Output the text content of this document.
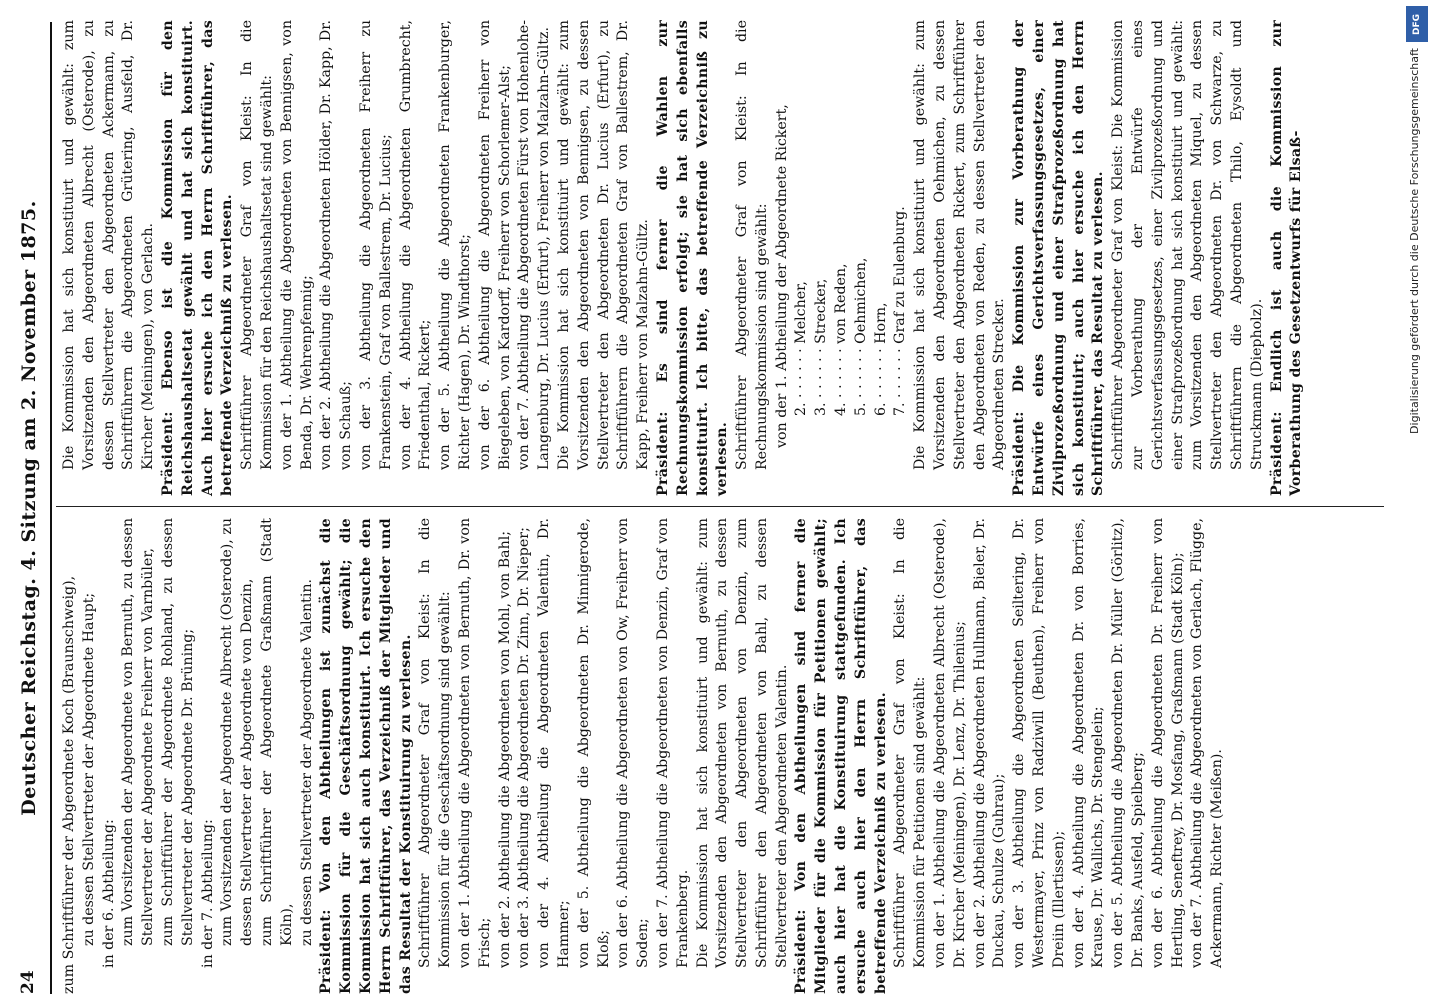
24
Deutscher Reichstag. 4. Sitzung am 2. November 1875. zum Schriftführer der Abgeordnete Koch (Braunschweig), zu dessen Stellvertreter der Abgeordnete Haupt; in der 6. Abtheilung: zum Vorsitzenden der Abgeordnete von Bernuth, zu dessen Stellvertreter der Abgeordnete Freiherr von Varnbüler, zum Schriftführer der Abgeordnete Rohland, zu dessen Stellvertreter der Abgeordnete Dr. Brüning; in der 7. Abtheilung: zum Vorsitzenden der Abgeordnete Albrecht (Osterode), zu dessen Stellvertreter der Abgeordnete von Denzin, zum Schriftführer der Abgeordnete Graßmann (Stadt Köln), zu dessen Stellvertreter der Abgeordnete Valentin. Präsident: Von den Abtheilungen ist zunächst die Kommission für die Geschäftsordnung gewählt; die Kommission hat sich auch konstituirt. Ich ersuche den Herrn Schriftführer, das Verzeichniß der Mitglieder und das Resultat der Konstituirung zu verlesen. Schriftführer Abgeordneter Graf von Kleist: In die Kommission für die Geschäftsordnung sind gewählt: von der 1. Abtheilung die Abgeordneten von Bernuth, Dr. von Frisch; von der 2. Abtheilung die Abgeordneten von Mohl, von Bahl; von der 3. Abtheilung die Abgeordneten Dr. Zinn, Dr. Nieper; von der 4. Abtheilung die Abgeordneten Valentin, Dr. Hammer; von der 5. Abtheilung die Abgeordneten Dr. Minnigerode, Kloß; von der 6. Abtheilung die Abgeordneten von Ow, Freiherr von Soden; von der 7. Abtheilung die Abgeordneten von Denzin, Graf von Frankenberg. Die Kommission hat sich konstituirt und gewählt: zum Vorsitzenden den Abgeordneten von Bernuth, zu dessen Stellvertreter den Abgeordneten von Denzin, zum Schriftführer den Abgeordneten von Bahl, zu dessen Stellvertreter den Abgeordneten Valentin. Präsident: Von den Abtheilungen sind ferner die Mitglieder für die Kommission für Petitionen gewählt; auch hier hat die Konstituirung stattgefunden. Ich ersuche auch hier den Herrn Schriftführer, das betreffende Verzeichniß zu verlesen. Schriftführer Abgeordneter Graf von Kleist: In die Kommission für Petitionen sind gewählt: von der 1. Abtheilung die Abgeordneten Albrecht (Osterode), Dr. Kircher (Meiningen), Dr. Lenz, Dr. Thilenius; von der 2. Abtheilung die Abgeordneten Hullmann, Bieler, Dr. Duckau, Schulze (Guhrau); von der 3. Abtheilung die Abgeordneten Seiltering, Dr. Westermayer, Prinz von Radziwill (Beuthen), Freiherr von Dreiin (Illertissen); von der 4. Abtheilung die Abgeordneten Dr. von Borries, Krause, Dr. Wallichs, Dr. Stengelein; von der 5. Abtheilung die Abgeordneten Dr. Müller (Görlitz), Dr. Banks, Ausfeld, Spielberg; von der 6. Abtheilung die Abgeordneten Dr. Freiherr von Hertling, Seneftrey, Dr. Mosfang, Graßmann (Stadt Köln); von der 7. Abtheilung die Abgeordneten von Gerlach, Flügge, Ackermann, Richter (Meißen).

Die Kommission hat sich konstituirt und gewählt: zum Vorsitzenden den Abgeordneten Albrecht (Osterode), zu dessen Stellvertreter den Abgeordneten Ackermann, zu Schriftführern die Abgeordneten Grütering, Ausfeld, Dr. Kircher (Meiningen), von Gerlach. Präsident: Ebenso ist die Kommission für den Reichshaushaltsetat gewählt und hat sich konstituirt. Auch hier ersuche ich den Herrn Schriftführer, das betreffende Verzeichniß zu verlesen. Schriftführer Abgeordneter Graf von Kleist: In die Kommission für den Reichshaushaltsetat sind gewählt: von der 1. Abtheilung die Abgeordneten von Bennigsen, von Benda, Dr. Wehrenpfennig; von der 2. Abtheilung die Abgeordneten Hölder, Dr. Kapp, Dr. von Schauß; von der 3. Abtheilung die Abgeordneten Freiherr zu Frankenstein, Graf von Ballestrem, Dr. Lucius; von der 4. Abtheilung die Abgeordneten Grumbrecht, Friedenthal, Rickert; von der 5. Abtheilung die Abgeordneten Frankenburger, Richter (Hagen), Dr. Windthorst; von der 6. Abtheilung die Abgeordneten Freiherr von Biegeleben, von Kardorff, Freiherr von Schorlemer-Alst; von der 7. Abtheilung die Abgeordneten Fürst von Hohenlohe-Langenburg, Dr. Lucius (Erfurt), Freiherr von Malzahn-Gültz. Die Kommission hat sich konstituirt und gewählt: zum Vorsitzenden den Abgeordneten von Bennigsen, zu dessen Stellvertreter den Abgeordneten Dr. Lucius (Erfurt), zu Schriftführern die Abgeordneten Graf von Ballestrem, Dr. Kapp, Freiherr von Malzahn-Gültz. Präsident: Es sind ferner die Wahlen zur Rechnungskommission erfolgt; sie hat sich ebenfalls konstituirt. Ich bitte, das betreffende Verzeichniß zu verlesen. Schriftführer Abgeordneter Graf von Kleist: In die Rechnungskommission sind gewählt: von der 1. Abtheilung der Abgeordnete Rickert, 2. · · · · · · Melcher, 3. · · · · · · Strecker, 4. · · · · · · von Reden, 5. · · · · · · Oehmichen, 6. · · · · · · Horn, 7. · · · · · · Graf zu Eulenburg. Die Kommission hat sich konstituirt und gewählt: zum Vorsitzenden den Abgeordneten Oehmichen, zu dessen Stellvertreter den Abgeordneten Rickert, zum Schriftführer den Abgeordneten von Reden, zu dessen Stellvertreter den Abgeordneten Strecker. Präsident: Die Kommission zur Vorberathung der Entwürfe eines Gerichtsverfassungsgesetzes, einer Zivilprozeßordnung und einer Strafprozeßordnung hat sich konstituirt; auch hier ersuche ich den Herrn Schriftführer, das Resultat zu verlesen. Schriftführer Abgeordneter Graf von Kleist: Die Kommission zur Vorberathung der Entwürfe eines Gerichtsverfassungsgesetzes, einer Zivilprozeßordnung und einer Strafprozeßordnung hat sich konstituirt und gewählt: zum Vorsitzenden den Abgeordneten Miquel, zu dessen Stellvertreter den Abgeordneten Dr. von Schwarze, zu Schriftführern die Abgeordneten Thilo, Eysoldt und Struckmann (Diepholz). Präsident: Endlich ist auch die Kommission zur Vorberathung des Gesetzentwurfs für Elsaß-

DFG
Digitalisierung gefördert durch die Deutsche Forschungsgemeinschaft
